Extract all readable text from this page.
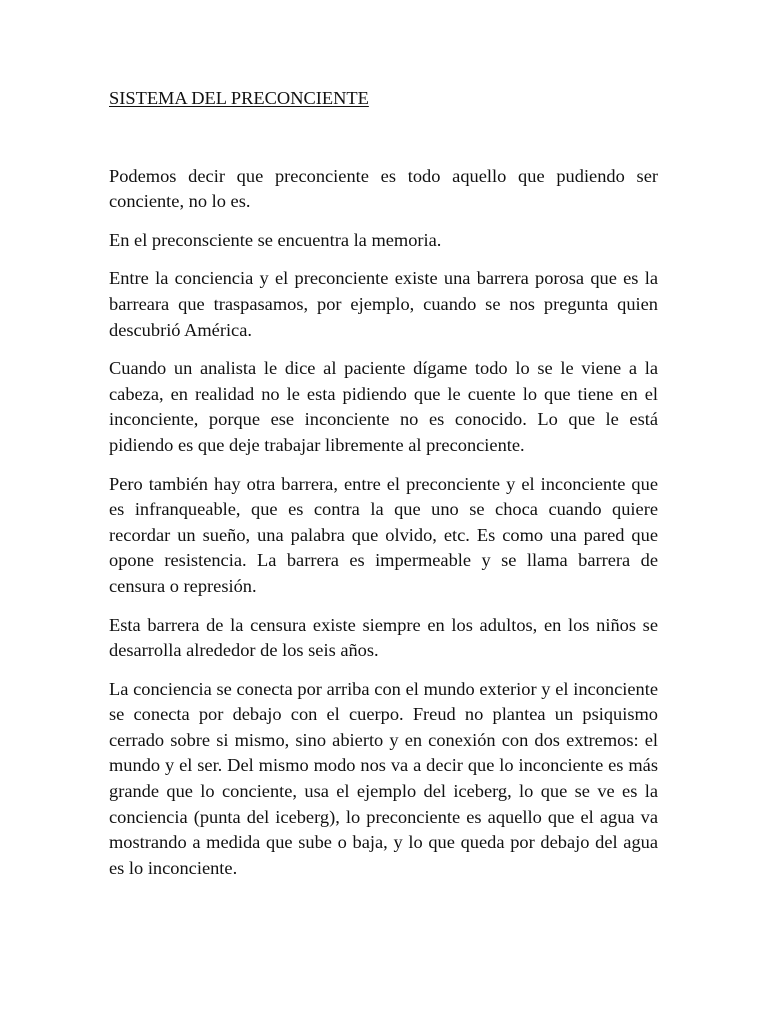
SISTEMA DEL PRECONCIENTE

Podemos decir que preconciente es todo aquello que pudiendo ser conciente, no lo es.

En el preconsciente se encuentra la memoria.

Entre la conciencia y el preconciente existe una barrera porosa que es la barreara que traspasamos, por ejemplo, cuando se nos pregunta quien descubrió América.

Cuando un analista le dice al paciente dígame todo lo se le viene a la cabeza, en realidad no le esta pidiendo que le cuente lo que tiene en el inconciente, porque ese inconciente no es conocido. Lo que le está pidiendo es que deje trabajar libremente al preconciente.

Pero también hay otra barrera, entre el preconciente y el inconciente que es infranqueable, que es contra la que uno se choca cuando quiere recordar un sueño, una palabra que olvido, etc. Es como una pared que opone resistencia. La barrera es impermeable y se llama barrera de censura o represión.

Esta barrera de la censura existe siempre en los adultos, en los niños se desarrolla alrededor de los seis años.

La conciencia se conecta por arriba con el mundo exterior y el inconciente se conecta por debajo con el cuerpo. Freud no plantea un psiquismo cerrado sobre si mismo, sino abierto y en conexión con dos extremos: el mundo y el ser. Del mismo modo nos va a decir que lo inconciente es más grande que lo conciente, usa el ejemplo del iceberg, lo que se ve es la conciencia (punta del iceberg), lo preconciente es aquello que el agua va mostrando a medida que sube o baja, y lo que queda por debajo del agua es lo inconciente.
